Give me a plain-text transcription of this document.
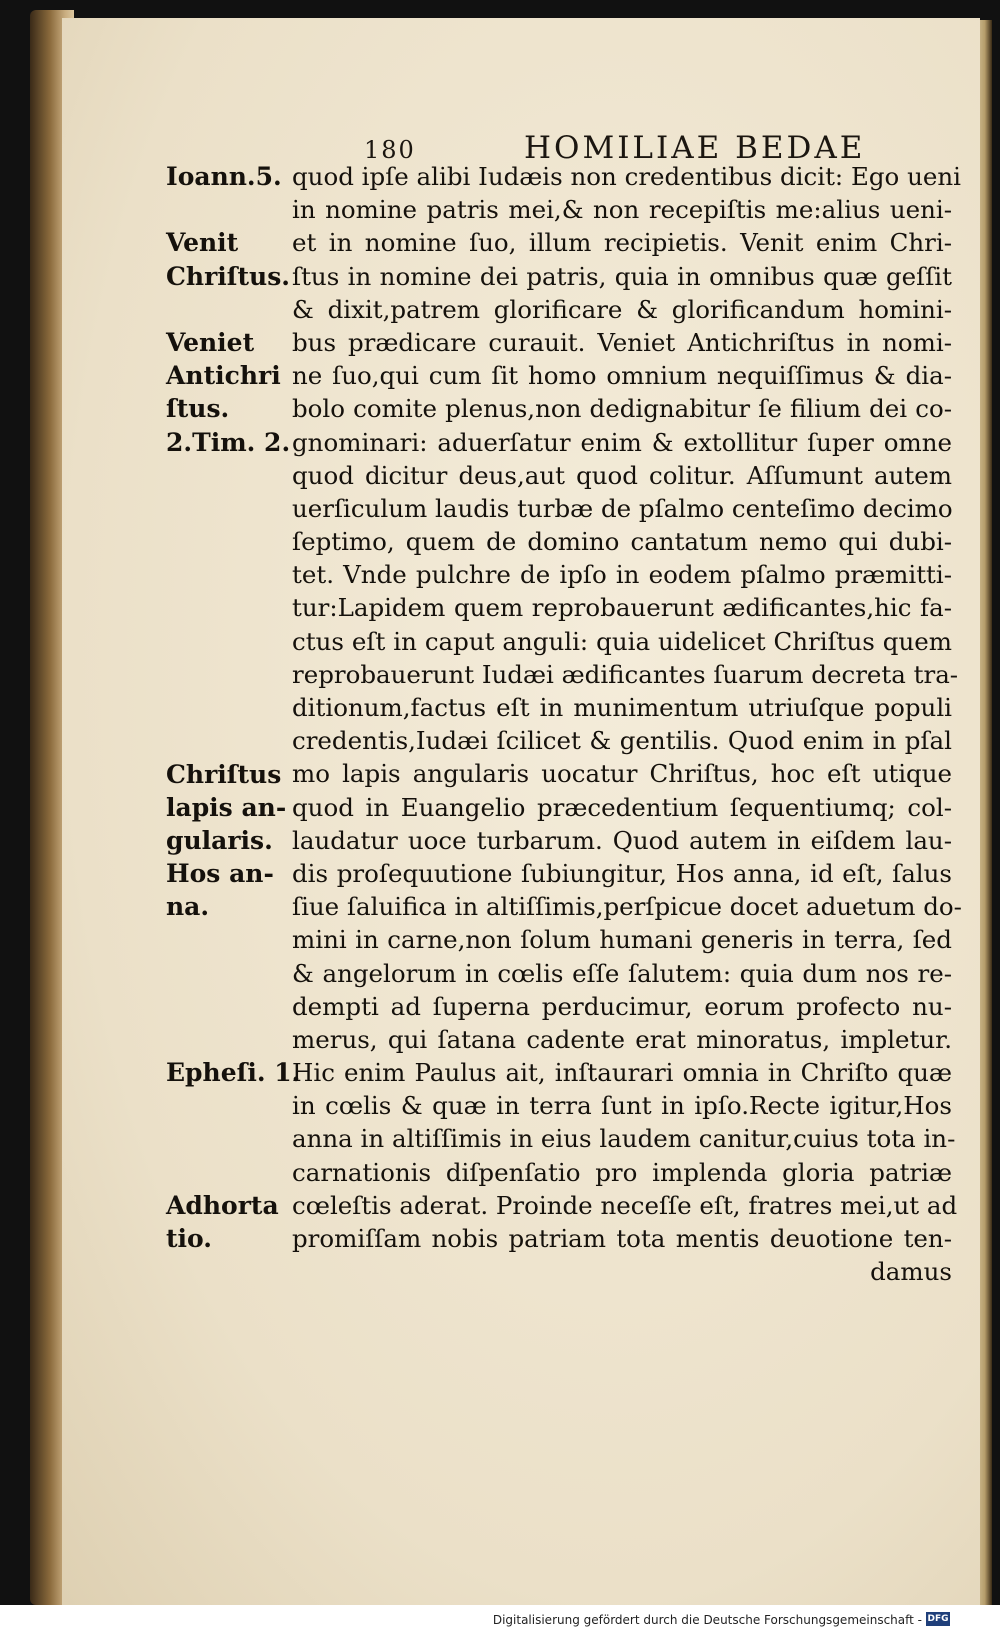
180	HOMILIAE BEDAE
quod ipſe alibi Iudæis non credentibus dicit: Ego ueni
in nomine patris mei,& non recepiſtis me:alius ueni-
et in nomine ſuo, illum recipietis. Venit enim Chri-
ſtus in nomine dei patris, quia in omnibus quæ geſſit
& dixit,patrem glorificare & glorificandum homini-
bus prædicare curauit. Veniet Antichriſtus in nomi-
ne ſuo,qui cum ſit homo omnium nequiſſimus & dia-
bolo comite plenus,non dedignabitur ſe filium dei co-
gnominari: aduerſatur enim & extollitur ſuper omne
quod dicitur deus,aut quod colitur. Aſſumunt autem
uerſiculum laudis turbæ de pſalmo centeſimo decimo
ſeptimo, quem de domino cantatum nemo qui dubi-
tet. Vnde pulchre de ipſo in eodem pſalmo præmitti-
tur:Lapidem quem reprobauerunt ædificantes,hic fa-
ctus eſt in caput anguli: quia uidelicet Chriſtus quem
reprobauerunt Iudæi ædificantes ſuarum decreta tra-
ditionum,factus eſt in munimentum utriuſque populi
credentis,Iudæi ſcilicet & gentilis. Quod enim in pſal
mo lapis angularis uocatur Chriſtus, hoc eſt utique
quod in Euangelio præcedentium ſequentiumq; col-
laudatur uoce turbarum. Quod autem in eiſdem lau-
dis proſequutione ſubiungitur, Hos anna, id eſt, ſalus
ſiue ſaluifica in altiſſimis,perſpicue docet aduetum do-
mini in carne,non ſolum humani generis in terra, ſed
& angelorum in cœlis eſſe ſalutem: quia dum nos re-
dempti ad ſuperna perducimur, eorum profecto nu-
merus, qui ſatana cadente erat minoratus, impletur.
Hic enim Paulus ait, inſtaurari omnia in Chriſto quæ
in cœlis & quæ in terra ſunt in ipſo.Recte igitur,Hos
anna in altiſſimis in eius laudem canitur,cuius tota in-
carnationis diſpenſatio pro implenda gloria patriæ
cœleſtis aderat. Proinde neceſſe eſt, fratres mei,ut ad
promiſſam nobis patriam tota mentis deuotione ten-
damus
Ioann.5.
Venit
Chriſtus.
Veniet
Antichri
ſtus.
2.Tim. 2.
Chriſtus
lapis an-
gularis.
Hos an-
na.
Epheſi. 1.
Adhorta
tio.
Digitalisierung gefördert durch die Deutsche Forschungsgemeinschaft - DFG
